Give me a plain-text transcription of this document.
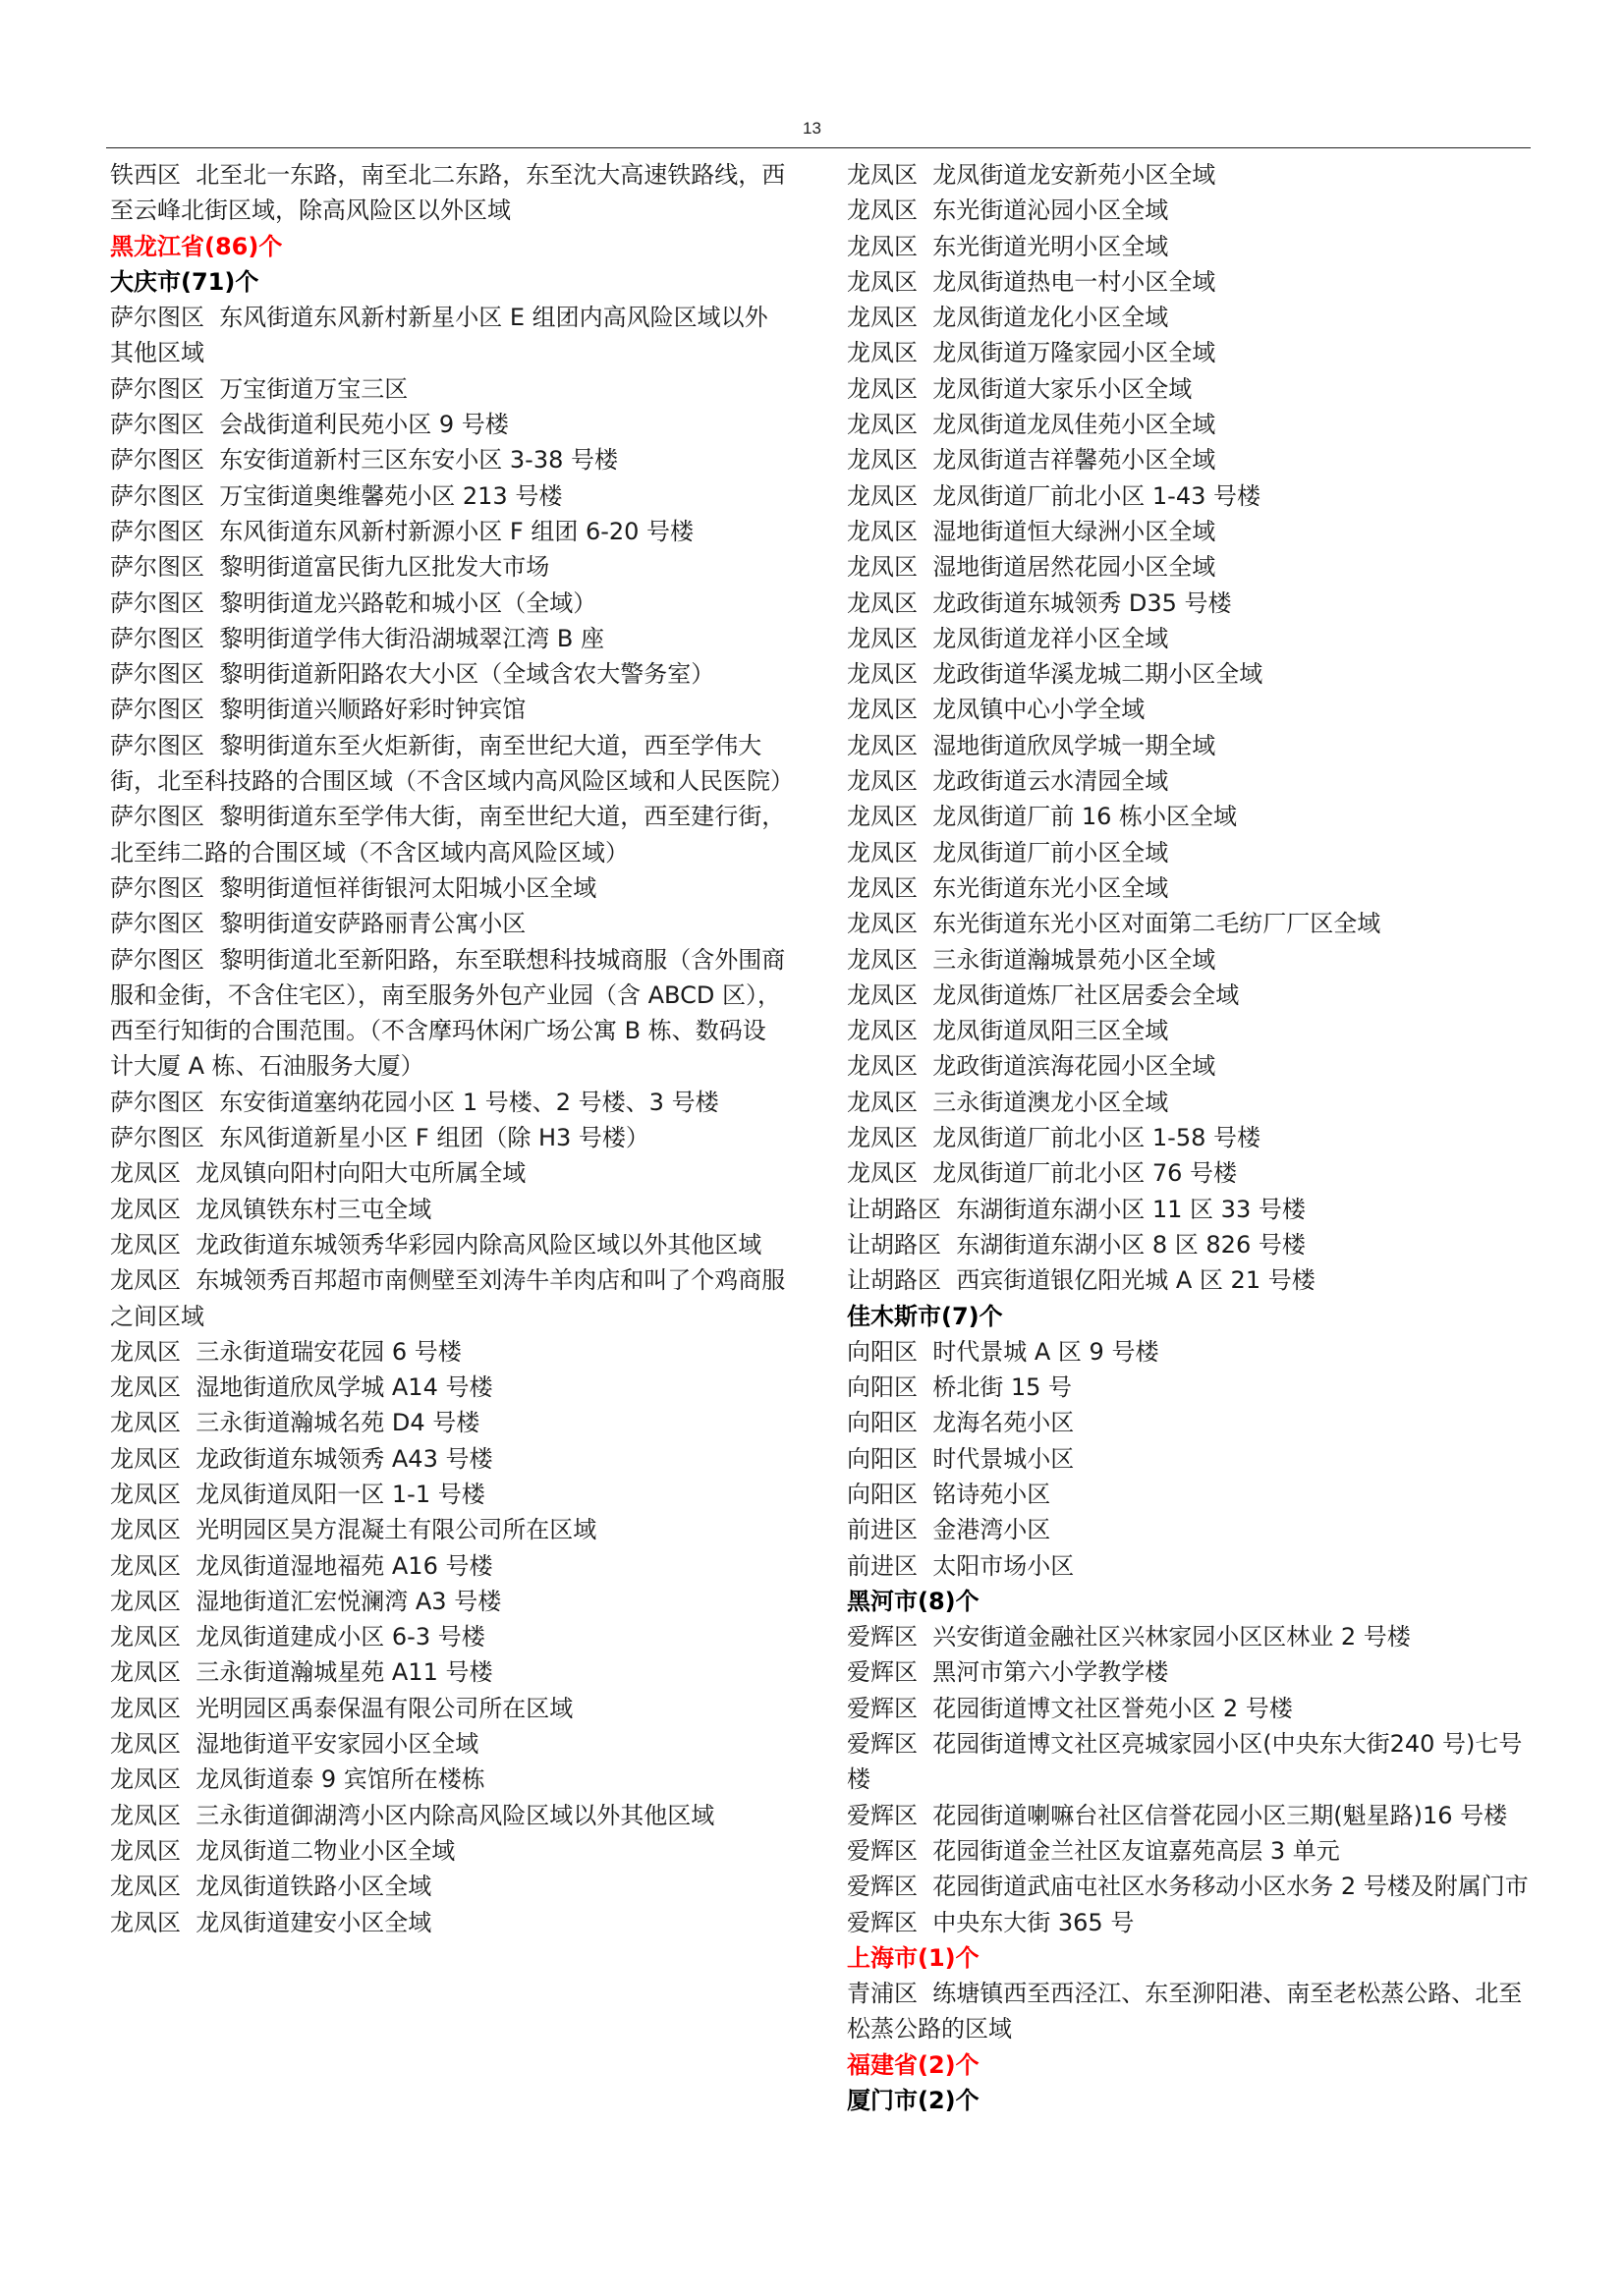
13

铁西区  北至北一东路，南至北二东路，东至沈大高速铁路线，西至云峰北街区域，除高风险区以外区域

黑龙江省(86)个

大庆市(71)个

萨尔图区  东风街道东风新村新星小区 E 组团内高风险区域以外其他区域

萨尔图区  万宝街道万宝三区

萨尔图区  会战街道利民苑小区 9 号楼

萨尔图区  东安街道新村三区东安小区 3-38 号楼

萨尔图区  万宝街道奥维馨苑小区 213 号楼

萨尔图区  东风街道东风新村新源小区 F 组团 6-20 号楼

萨尔图区  黎明街道富民街九区批发大市场

萨尔图区  黎明街道龙兴路乾和城小区（全域）

萨尔图区  黎明街道学伟大街沿湖城翠江湾 B 座

萨尔图区  黎明街道新阳路农大小区（全域含农大警务室）

萨尔图区  黎明街道兴顺路好彩时钟宾馆

萨尔图区  黎明街道东至火炬新街，南至世纪大道，西至学伟大街，北至科技路的合围区域（不含区域内高风险区域和人民医院）

萨尔图区  黎明街道东至学伟大街，南至世纪大道，西至建行街，北至纬二路的合围区域（不含区域内高风险区域）

萨尔图区  黎明街道恒祥街银河太阳城小区全域

萨尔图区  黎明街道安萨路丽青公寓小区

萨尔图区  黎明街道北至新阳路，东至联想科技城商服（含外围商服和金街，不含住宅区），南至服务外包产业园（含 ABCD 区），西至行知街的合围范围。（不含摩玛休闲广场公寓 B 栋、数码设计大厦 A 栋、石油服务大厦）

萨尔图区  东安街道塞纳花园小区 1 号楼、2 号楼、3 号楼

萨尔图区  东风街道新星小区 F 组团（除 H3 号楼）

龙凤区  龙凤镇向阳村向阳大屯所属全域

龙凤区  龙凤镇铁东村三屯全域

龙凤区  龙政街道东城领秀华彩园内除高风险区域以外其他区域

龙凤区  东城领秀百邦超市南侧壁至刘涛牛羊肉店和叫了个鸡商服之间区域

龙凤区  三永街道瑞安花园 6 号楼

龙凤区  湿地街道欣凤学城 A14 号楼

龙凤区  三永街道瀚城名苑 D4 号楼

龙凤区  龙政街道东城领秀 A43 号楼

龙凤区  龙凤街道凤阳一区 1-1 号楼

龙凤区  光明园区昊方混凝土有限公司所在区域

龙凤区  龙凤街道湿地福苑 A16 号楼

龙凤区  湿地街道汇宏悦澜湾 A3 号楼

龙凤区  龙凤街道建成小区 6-3 号楼

龙凤区  三永街道瀚城星苑 A11 号楼

龙凤区  光明园区禹泰保温有限公司所在区域

龙凤区  湿地街道平安家园小区全域

龙凤区  龙凤街道泰 9 宾馆所在楼栋

龙凤区  三永街道御湖湾小区内除高风险区域以外其他区域

龙凤区  龙凤街道二物业小区全域

龙凤区  龙凤街道铁路小区全域

龙凤区  龙凤街道建安小区全域

龙凤区  龙凤街道龙安新苑小区全域

龙凤区  东光街道沁园小区全域

龙凤区  东光街道光明小区全域

龙凤区  龙凤街道热电一村小区全域

龙凤区  龙凤街道龙化小区全域

龙凤区  龙凤街道万隆家园小区全域

龙凤区  龙凤街道大家乐小区全域

龙凤区  龙凤街道龙凤佳苑小区全域

龙凤区  龙凤街道吉祥馨苑小区全域

龙凤区  龙凤街道厂前北小区 1-43 号楼

龙凤区  湿地街道恒大绿洲小区全域

龙凤区  湿地街道居然花园小区全域

龙凤区  龙政街道东城领秀 D35 号楼

龙凤区  龙凤街道龙祥小区全域

龙凤区  龙政街道华溪龙城二期小区全域

龙凤区  龙凤镇中心小学全域

龙凤区  湿地街道欣凤学城一期全域

龙凤区  龙政街道云水清园全域

龙凤区  龙凤街道厂前 16 栋小区全域

龙凤区  龙凤街道厂前小区全域

龙凤区  东光街道东光小区全域

龙凤区  东光街道东光小区对面第二毛纺厂厂区全域

龙凤区  三永街道瀚城景苑小区全域

龙凤区  龙凤街道炼厂社区居委会全域

龙凤区  龙凤街道凤阳三区全域

龙凤区  龙政街道滨海花园小区全域

龙凤区  三永街道澳龙小区全域

龙凤区  龙凤街道厂前北小区 1-58 号楼

龙凤区  龙凤街道厂前北小区 76 号楼

让胡路区  东湖街道东湖小区 11 区 33 号楼

让胡路区  东湖街道东湖小区 8 区 826 号楼

让胡路区  西宾街道银亿阳光城 A 区 21 号楼

佳木斯市(7)个

向阳区  时代景城 A 区 9 号楼

向阳区  桥北街 15 号

向阳区  龙海名苑小区

向阳区  时代景城小区

向阳区  铭诗苑小区

前进区  金港湾小区

前进区  太阳市场小区

黑河市(8)个

爱辉区  兴安街道金融社区兴林家园小区区林业 2 号楼

爱辉区  黑河市第六小学教学楼

爱辉区  花园街道博文社区誉苑小区 2 号楼

爱辉区  花园街道博文社区亮城家园小区(中央东大街240 号)七号楼

爱辉区  花园街道喇嘛台社区信誉花园小区三期(魁星路)16 号楼

爱辉区  花园街道金兰社区友谊嘉苑高层 3 单元

爱辉区  花园街道武庙屯社区水务移动小区水务 2 号楼及附属门市

爱辉区  中央东大街 365 号

上海市(1)个

青浦区  练塘镇西至西泾江、东至泖阳港、南至老松蒸公路、北至松蒸公路的区域

福建省(2)个

厦门市(2)个
